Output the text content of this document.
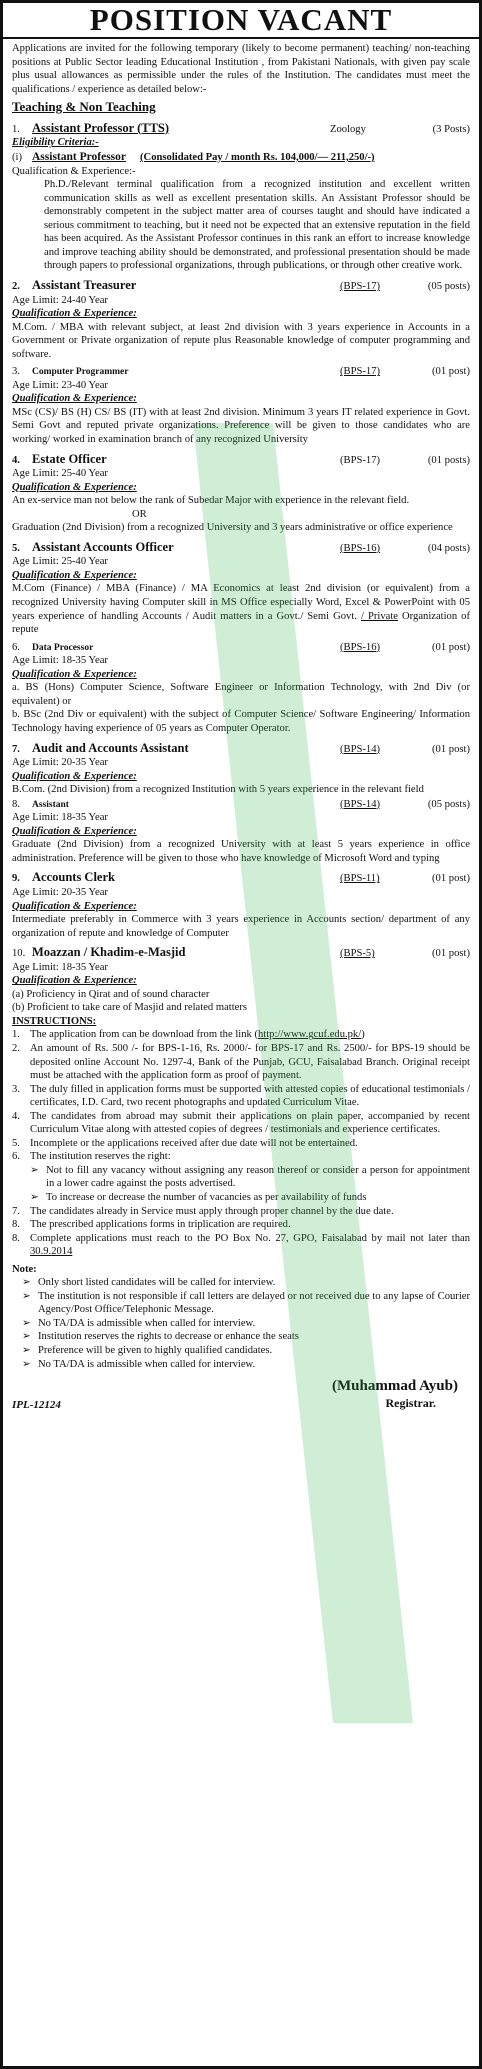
POSITION VACANT

Applications are invited for the following temporary (likely to become permanent) teaching/ non-teaching positions at Public Sector leading Educational Institution , from Pakistani Nationals, with given pay scale plus usual allowances as permissible under the rules of the Institution. The candidates must meet the qualifications / experience as detailed below:-

Teaching & Non Teaching
1. Assistant Professor (TTS)	Zoology	(3 Posts)

Eligibility Criteria:-

(i) Assistant Professor (Consolidated Pay / month Rs. 104,000/— 211,250/-)

Qualification & Experience:-

Ph.D./Relevant terminal qualification from a recognized institution and excellent written communication skills as well as excellent presentation skills. An Assistant Professor should be demonstrably competent in the subject matter area of courses taught and should have indicated a serious commitment to teaching, but it need not be expected that an extensive reputation in the field has been acquired. As the Assistant Professor continues in this rank an effort to increase knowledge and improve teaching ability should be demonstrated, and professional presentation should be made through papers to professional organizations, through publications, or through other creative work.

2. Assistant Treasurer	(BPS-17)	(05 posts)

Age Limit: 24-40 Year

Qualification & Experience:

M.Com. / MBA with relevant subject, at least 2nd division with 3 years experience in Accounts in a Government or Private organization of repute plus Reasonable knowledge of computer programming and software.

3.	Computer Programmer	(BPS-17)	(01 post)

Age Limit: 23-40 Year

Qualification & Experience:

MSc (CS)/ BS (H) CS/ BS (IT) with at least 2nd division. Minimum 3 years IT related experience in Govt. Semi Govt and reputed private organizations. Preference will be given to those candidates who are working/ worked in examination branch of any recognized University

4. Estate Officer	(BPS-17)	(01 posts)

Age Limit: 25-40 Year

Qualification & Experience:

An ex-service man not below the rank of Subedar Major with experience in the relevant field.

OR

Graduation (2nd Division) from a recognized University and 3 years administrative or office experience

5. Assistant Accounts Officer	(BPS-16)	(04 posts)

Age Limit: 25-40 Year

Qualification & Experience:

M.Com (Finance) / MBA (Finance) / MA Economics at least 2nd division (or equivalent) from a recognized University having Computer skill in MS Office especially Word, Excel & PowerPoint with 05 years experience of handling Accounts / Audit matters in a Govt./ Semi Govt. / Private Organization of repute

6.	Data Processor	(BPS-16)	(01 post)

Age Limit: 18-35 Year

Qualification & Experience:

a. BS (Hons) Computer Science, Software Engineer or Information Technology, with 2nd Div (or equivalent) or

b. BSc (2nd Div or equivalent) with the subject of Computer Science/ Software Engineering/ Information Technology having experience of 05 years as Computer Operator.

7. Audit and Accounts Assistant	(BPS-14)	(01 post)

Age Limit: 20-35 Year

Qualification & Experience:

B.Com. (2nd Division) from a recognized Institution with 5 years experience in the relevant field

8.	Assistant	(BPS-14)	(05 posts)

Age Limit: 18-35 Year

Qualification & Experience:

Graduate (2nd Division) from a recognized University with at least 5 years experience in office administration. Preference will be given to those who have knowledge of Microsoft Word and typing

9. Accounts Clerk	(BPS-11)	(01 post)

Age Limit: 20-35 Year

Qualification & Experience:

Intermediate preferably in Commerce with 3 years experience in Accounts section/ department of any organization of repute and knowledge of Computer

10. Moazzan / Khadim-e-Masjid	(BPS-5)	(01 post)

Age Limit: 18-35 Year

Qualification & Experience:

(a) Proficiency in Qirat and of sound character

(b) Proficient to take care of Masjid and related matters

INSTRUCTIONS:

1. The application from can be download from the link (http://www.gcuf.edu.pk/)
2. An amount of Rs. 500 /- for BPS-1-16, Rs. 2000/- for BPS-17 and Rs. 2500/- for BPS-19 should be deposited online Account No. 1297-4, Bank of the Punjab, GCU, Faisalabad Branch. Original receipt must be attached with the application form as proof of payment.
3. The duly filled in application forms must be supported with attested copies of educational testimonials / certificates, I.D. Card, two recent photographs and updated Curriculum Vitae.
4. The candidates from abroad may submit their applications on plain paper, accompanied by recent Curriculum Vitae along with attested copies of degrees / testimonials and experience certificates.
5. Incomplete or the applications received after due date will not be entertained.
6. The institution reserves the right:
➢ Not to fill any vacancy without assigning any reason thereof or consider a person for appointment in a lower cadre against the posts advertised.
➢ To increase or decrease the number of vacancies as per availability of funds
7. The candidates already in Service must apply through proper channel by the due date.
8. The prescribed applications forms in triplication are required.
8. Complete applications must reach to the PO Box No. 27, GPO, Faisalabad by mail not later than 30.9.2014

Note:

➢ Only short listed candidates will be called for interview.
➢ The institution is not responsible if call letters are delayed or not received due to any lapse of Courier Agency/Post Office/Telephonic Message.
➢ No TA/DA is admissible when called for interview.
➢ Institution reserves the rights to decrease or enhance the seats
➢ Preference will be given to highly qualified candidates.
➢ No TA/DA is admissible when called for interview.
(Muhammad Ayub)
Registrar.
IPL-12124
